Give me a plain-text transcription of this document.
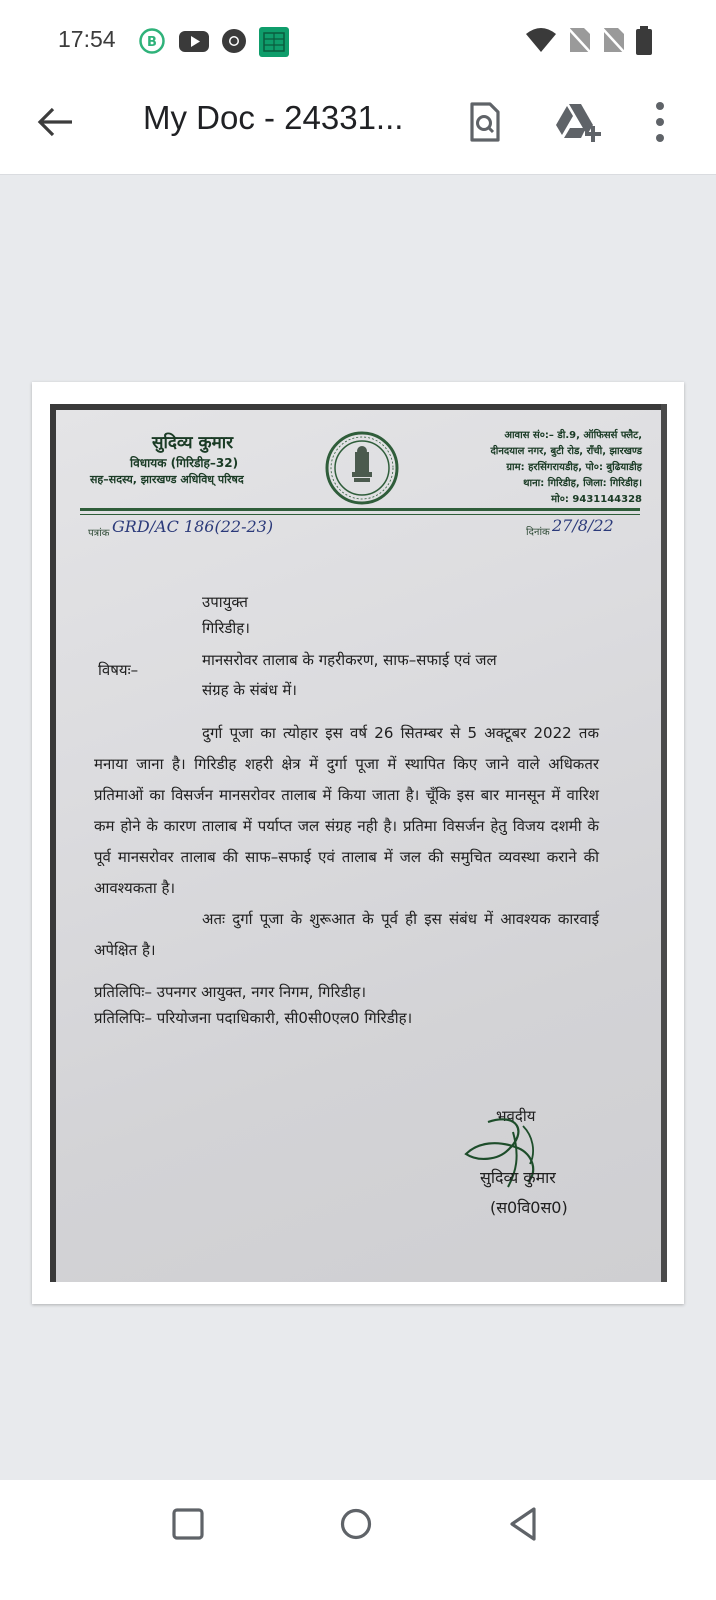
17:54 B
My Doc - 24331...
सुदिव्य कुमार
विधायक (गिरिडीह–32)
सह–सदस्य, झारखण्ड अधिविध् परिषद
आवास सं०:– डी.9, ऑफिसर्स फ्लैट,
दीनदयाल नगर, बुटी रोड, राँची, झारखण्ड
ग्राम: हरसिंगरायडीह, पो०: बुढियाडीह
थाना: गिरिडीह, जिला: गिरिडीह।
मो०: 9431144328
पत्रांक GRD/AC 186(22-23)	दिनांक 27/8/22
उपायुक्त
गिरिडीह।
विषयः–
मानसरोवर तालाब के गहरीकरण, साफ–सफाई एवं जल
संग्रह के संबंध में।
दुर्गा पूजा का त्योहार इस वर्ष 26 सितम्बर से 5 अक्टूबर 2022 तक मनाया जाना है। गिरिडीह शहरी क्षेत्र में दुर्गा पूजा में स्थापित किए जाने वाले अधिकतर प्रतिमाओं का विसर्जन मानसरोवर तालाब में किया जाता है। चूँकि इस बार मानसून में वारिश कम होने के कारण तालाब में पर्याप्त जल संग्रह नही है। प्रतिमा विसर्जन हेतु विजय दशमी के पूर्व मानसरोवर तालाब की साफ–सफाई एवं तालाब में जल की समुचित व्यवस्था कराने की आवश्यकता है।
अतः दुर्गा पूजा के शुरूआत के पूर्व ही इस संबंध में आवश्यक कारवाई अपेक्षित है।
प्रतिलिपिः– उपनगर आयुक्त, नगर निगम, गिरिडीह।
प्रतिलिपिः– परियोजना पदाधिकारी, सी0सी0एल0 गिरिडीह।
भवदीय
सुदिव्य कुमार
(स0वि0स0)
